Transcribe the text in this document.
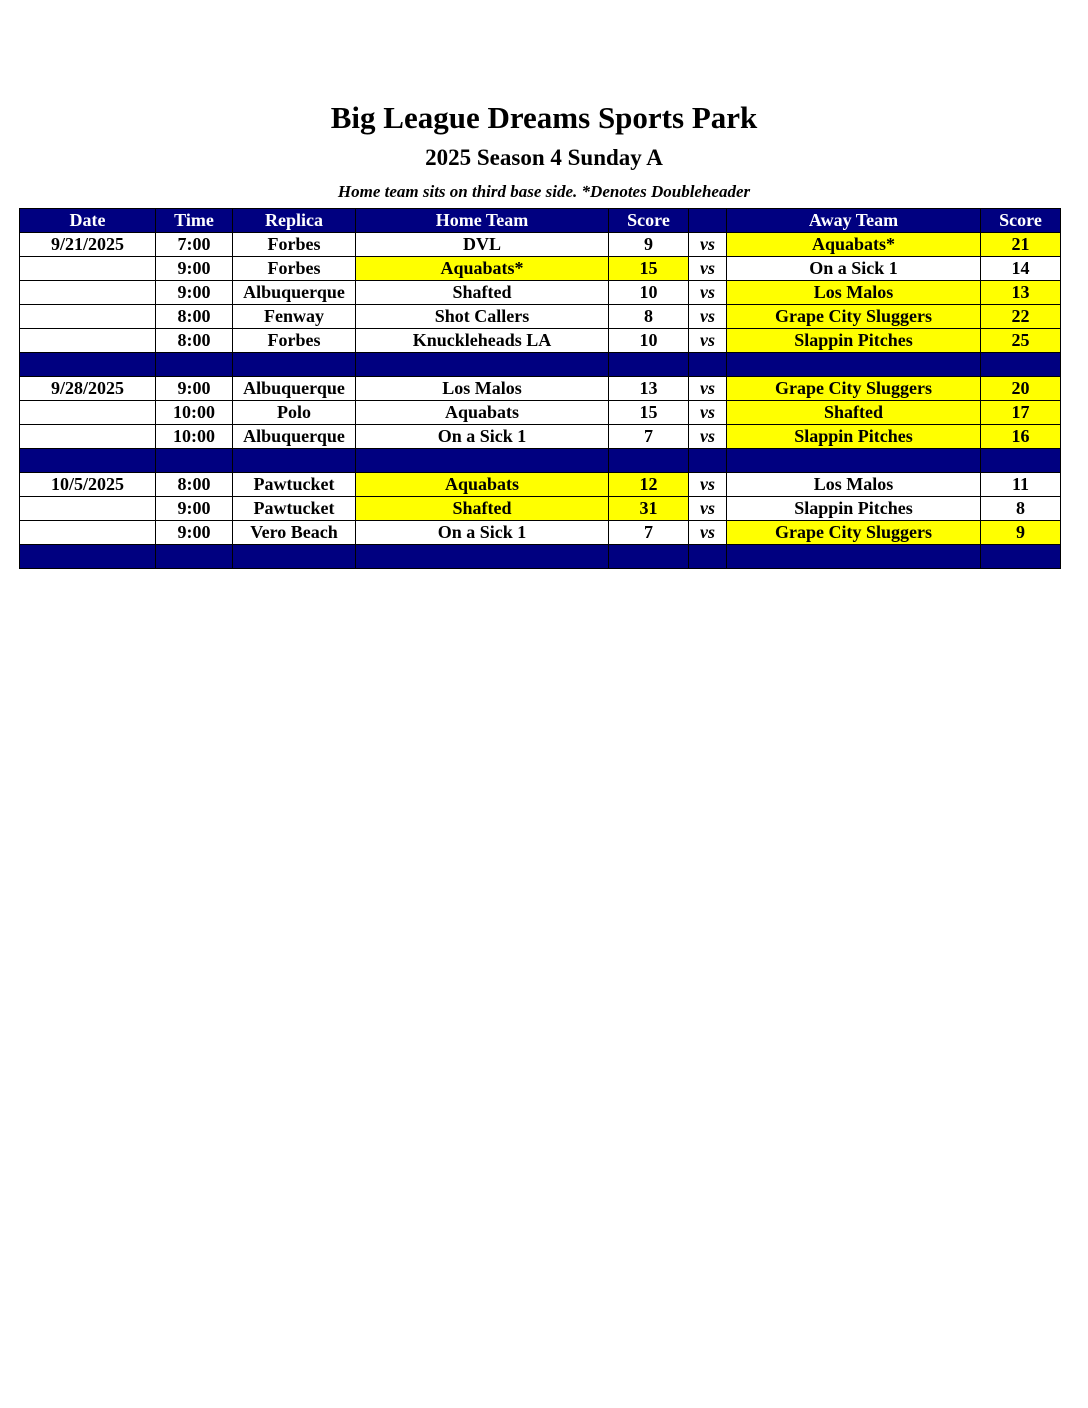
Big League Dreams Sports Park
2025 Season 4 Sunday A
Home team sits on third base side. *Denotes Doubleheader
Date	Time	Replica	Home Team	Score		Away Team	Score
9/21/2025	7:00	Forbes	DVL	9	vs	Aquabats*	21
	9:00	Forbes	Aquabats*	15	vs	On a Sick 1	14
	9:00	Albuquerque	Shafted	10	vs	Los Malos	13
	8:00	Fenway	Shot Callers	8	vs	Grape City Sluggers	22
	8:00	Forbes	Knuckleheads LA	10	vs	Slappin Pitches	25

9/28/2025	9:00	Albuquerque	Los Malos	13	vs	Grape City Sluggers	20
	10:00	Polo	Aquabats	15	vs	Shafted	17
	10:00	Albuquerque	On a Sick 1	7	vs	Slappin Pitches	16

10/5/2025	8:00	Pawtucket	Aquabats	12	vs	Los Malos	11
	9:00	Pawtucket	Shafted	31	vs	Slappin Pitches	8
	9:00	Vero Beach	On a Sick 1	7	vs	Grape City Sluggers	9
